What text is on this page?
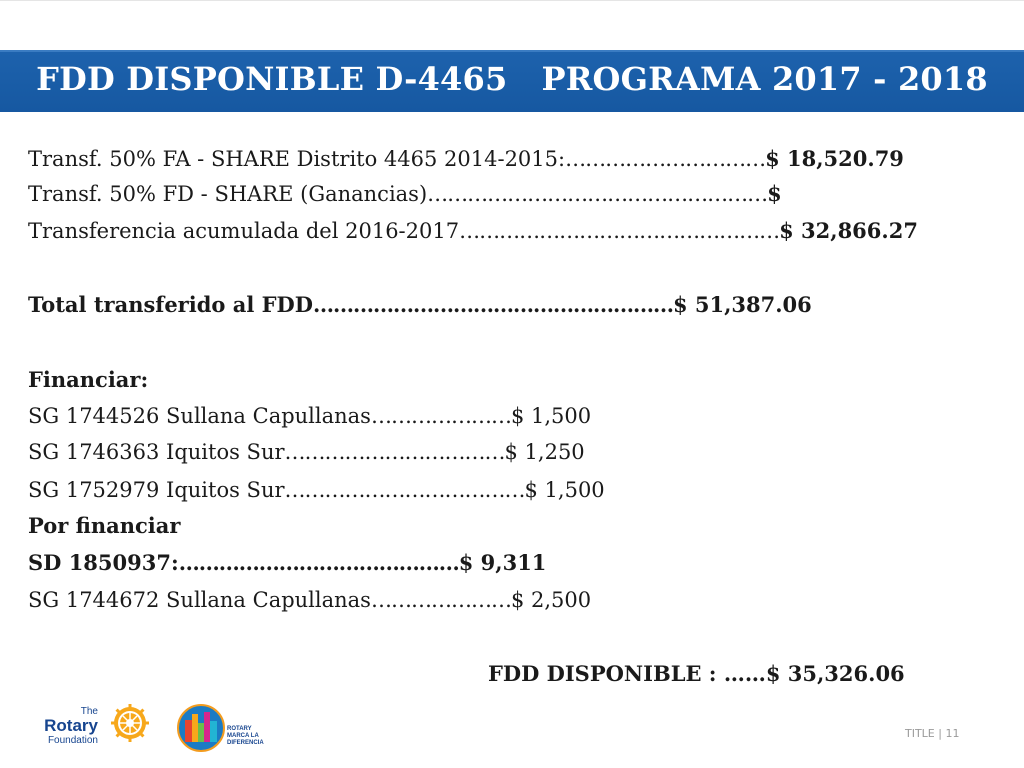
FDD DISPONIBLE D-4465   PROGRAMA 2017 - 2018
Transf. 50% FA - SHARE Distrito 4465 2014-2015:…………………………$ 18,520.79
Transf. 50% FD - SHARE (Ganancias)……………………………………………$
Transferencia acumulada del 2016-2017…………………………………………$ 32,866.27
Total transferido al FDD………………………………………………$ 51,387.06
Financiar:
SG 1744526 Sullana Capullanas…………………$ 1,500
SG 1746363 Iquitos Sur……………………………$ 1,250
SG 1752979 Iquitos Sur………………………………$ 1,500
Por financiar
SD 1850937:……………………………………$ 9,311
SG 1744672 Sullana Capullanas…………………$ 2,500
FDD DISPONIBLE : ……$ 35,326.06
The
Rotary
Foundation
ROTARY
MARCA LA
DIFERENCIA
TITLE | 11
